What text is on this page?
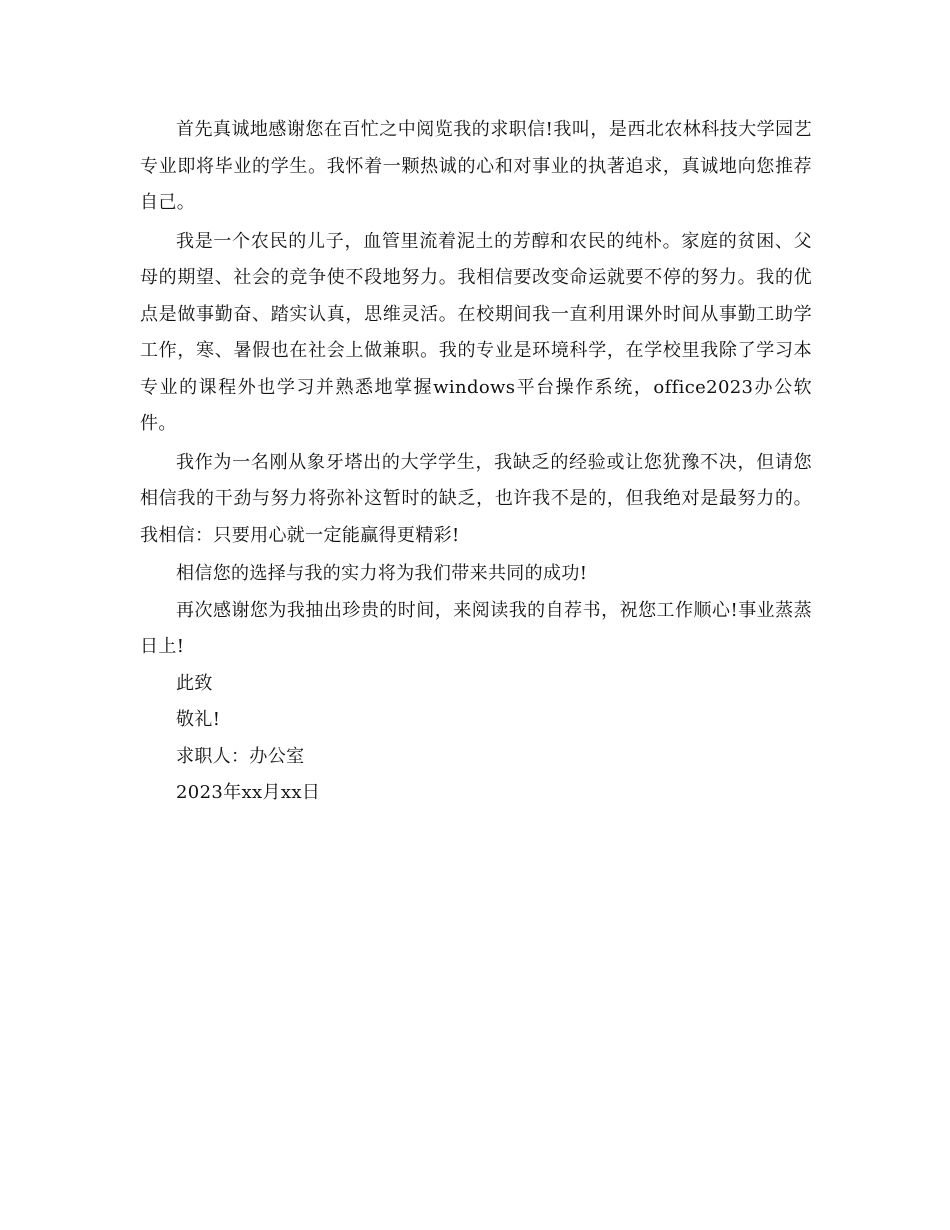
首先真诚地感谢您在百忙之中阅览我的求职信!我叫，是西北农林科技大学园艺专业即将毕业的学生。我怀着一颗热诚的心和对事业的执著追求，真诚地向您推荐自己。

我是一个农民的儿子，血管里流着泥土的芳醇和农民的纯朴。家庭的贫困、父母的期望、社会的竞争使不段地努力。我相信要改变命运就要不停的努力。我的优点是做事勤奋、踏实认真，思维灵活。在校期间我一直利用课外时间从事勤工助学工作，寒、暑假也在社会上做兼职。我的专业是环境科学，在学校里我除了学习本专业的课程外也学习并熟悉地掌握windows平台操作系统，office2023办公软件。

我作为一名刚从象牙塔出的大学学生，我缺乏的经验或让您犹豫不决，但请您相信我的干劲与努力将弥补这暂时的缺乏，也许我不是的，但我绝对是最努力的。我相信：只要用心就一定能赢得更精彩!

相信您的选择与我的实力将为我们带来共同的成功!

再次感谢您为我抽出珍贵的时间，来阅读我的自荐书，祝您工作顺心!事业蒸蒸日上!

此致

敬礼!

求职人：办公室

2023年xx月xx日
